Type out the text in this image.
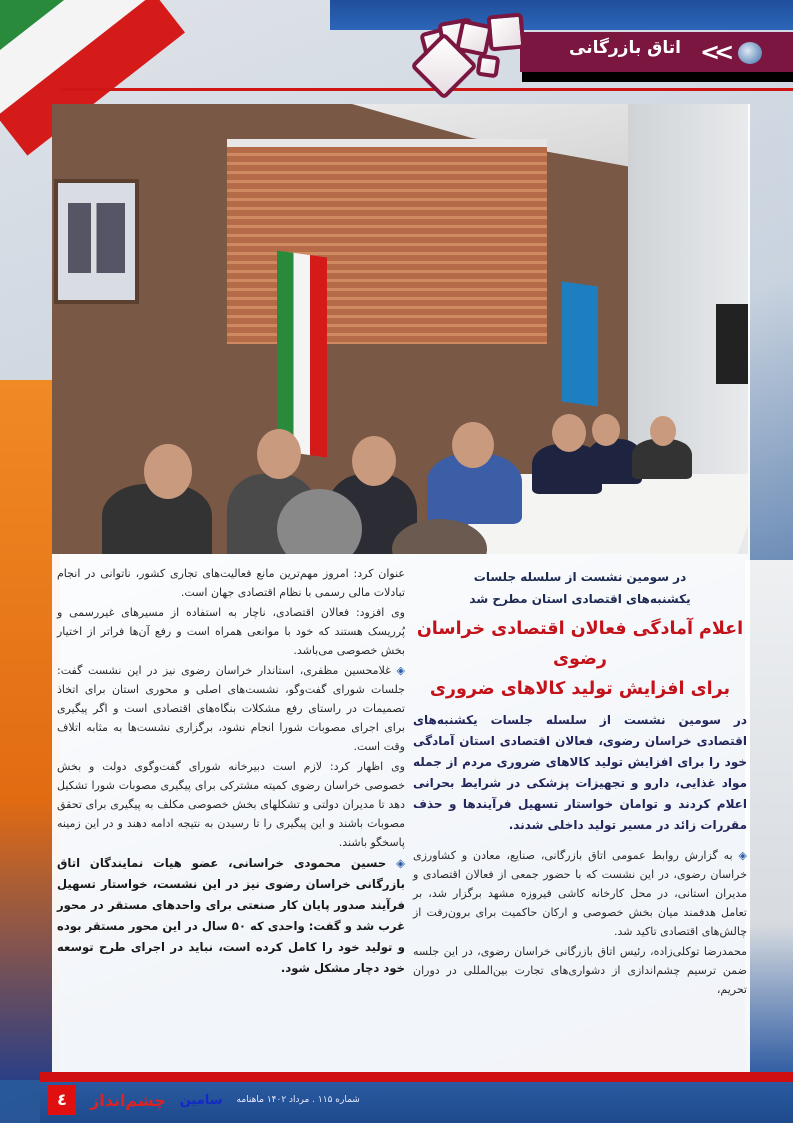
اتاق بازرگانی <<
در سومین نشست از سلسله جلسات
یکشنبه‌های اقتصادی استان مطرح شد
اعلام آمادگی فعالان اقتصادی خراسان رضوی
برای افزایش تولید کالاهای ضروری
در سومین نشست از سلسله جلسات یکشنبه‌های اقتصادی خراسان رضوی، فعالان اقتصادی استان آمادگی خود را برای افزایش تولید کالاهای ضروری مردم از جمله مواد غذایی، دارو و تجهیزات پزشکی در شرایط بحرانی اعلام کردند و توامان خواستار تسهیل فرآیندها و حذف مقررات زائد در مسیر تولید داخلی شدند.

◈ به گزارش روابط عمومی اتاق بازرگانی، صنایع، معادن و کشاورزی خراسان رضوی، در این نشست که با حضور جمعی از فعالان اقتصادی و مدیران استانی، در محل کارخانه کاشی فیروزه مشهد برگزار شد، بر تعامل هدفمند میان بخش خصوصی و ارکان حاکمیت برای برون‌رفت از چالش‌های اقتصادی تاکید شد.

محمدرضا توکلی‌زاده، رئیس اتاق بازرگانی خراسان رضوی، در این جلسه ضمن ترسیم چشم‌اندازی از دشواری‌های تجارت بین‌المللی در دوران تحریم،

عنوان کرد: امروز مهم‌ترین مانع فعالیت‌های تجاری کشور، ناتوانی در انجام تبادلات مالی رسمی با نظام اقتصادی جهان است.

وی افزود: فعالان اقتصادی، ناچار به استفاده از مسیرهای غیررسمی و پُرریسک هستند که خود با موانعی همراه است و رفع آن‌ها فراتر از اختیار بخش خصوصی می‌باشد.

◈ غلامحسین مظفری، استاندار خراسان رضوی نیز در این نشست گفت: جلسات شورای گفت‌وگو، نشست‌های اصلی و محوری استان برای اتخاذ تصمیمات در راستای رفع مشکلات بنگاه‌های اقتصادی است و اگر پیگیری برای اجرای مصوبات شورا انجام نشود، برگزاری نشست‌ها به مثابه اتلاف وقت است.

وی اظهار کرد: لازم است دبیرخانه شورای گفت‌وگوی دولت و بخش خصوصی خراسان رضوی کمیته مشترکی برای پیگیری مصوبات شورا تشکیل دهد تا مدیران دولتی و تشکلهای بخش خصوصی مکلف به پیگیری برای تحقق مصوبات باشند و این پیگیری را تا رسیدن به نتیجه ادامه دهند و در این زمینه پاسخگو باشند.

◈ حسین محمودی خراسانی، عضو هیات نمایندگان اتاق بازرگانی خراسان رضوی نیز در این نشست، خواستار تسهیل فرآیند صدور پایان کار صنعتی برای واحدهای مستقر در محور غرب شد و گفت: واحدی که ۵۰ سال در این محور مستقر بوده و تولید خود را کامل کرده است، نباید در اجرای طرح توسعه خود دچار مشکل شود.

٤	چشم‌انداز سامین شماره ۱۱۵ . مرداد ۱۴۰۲ ماهنامه
